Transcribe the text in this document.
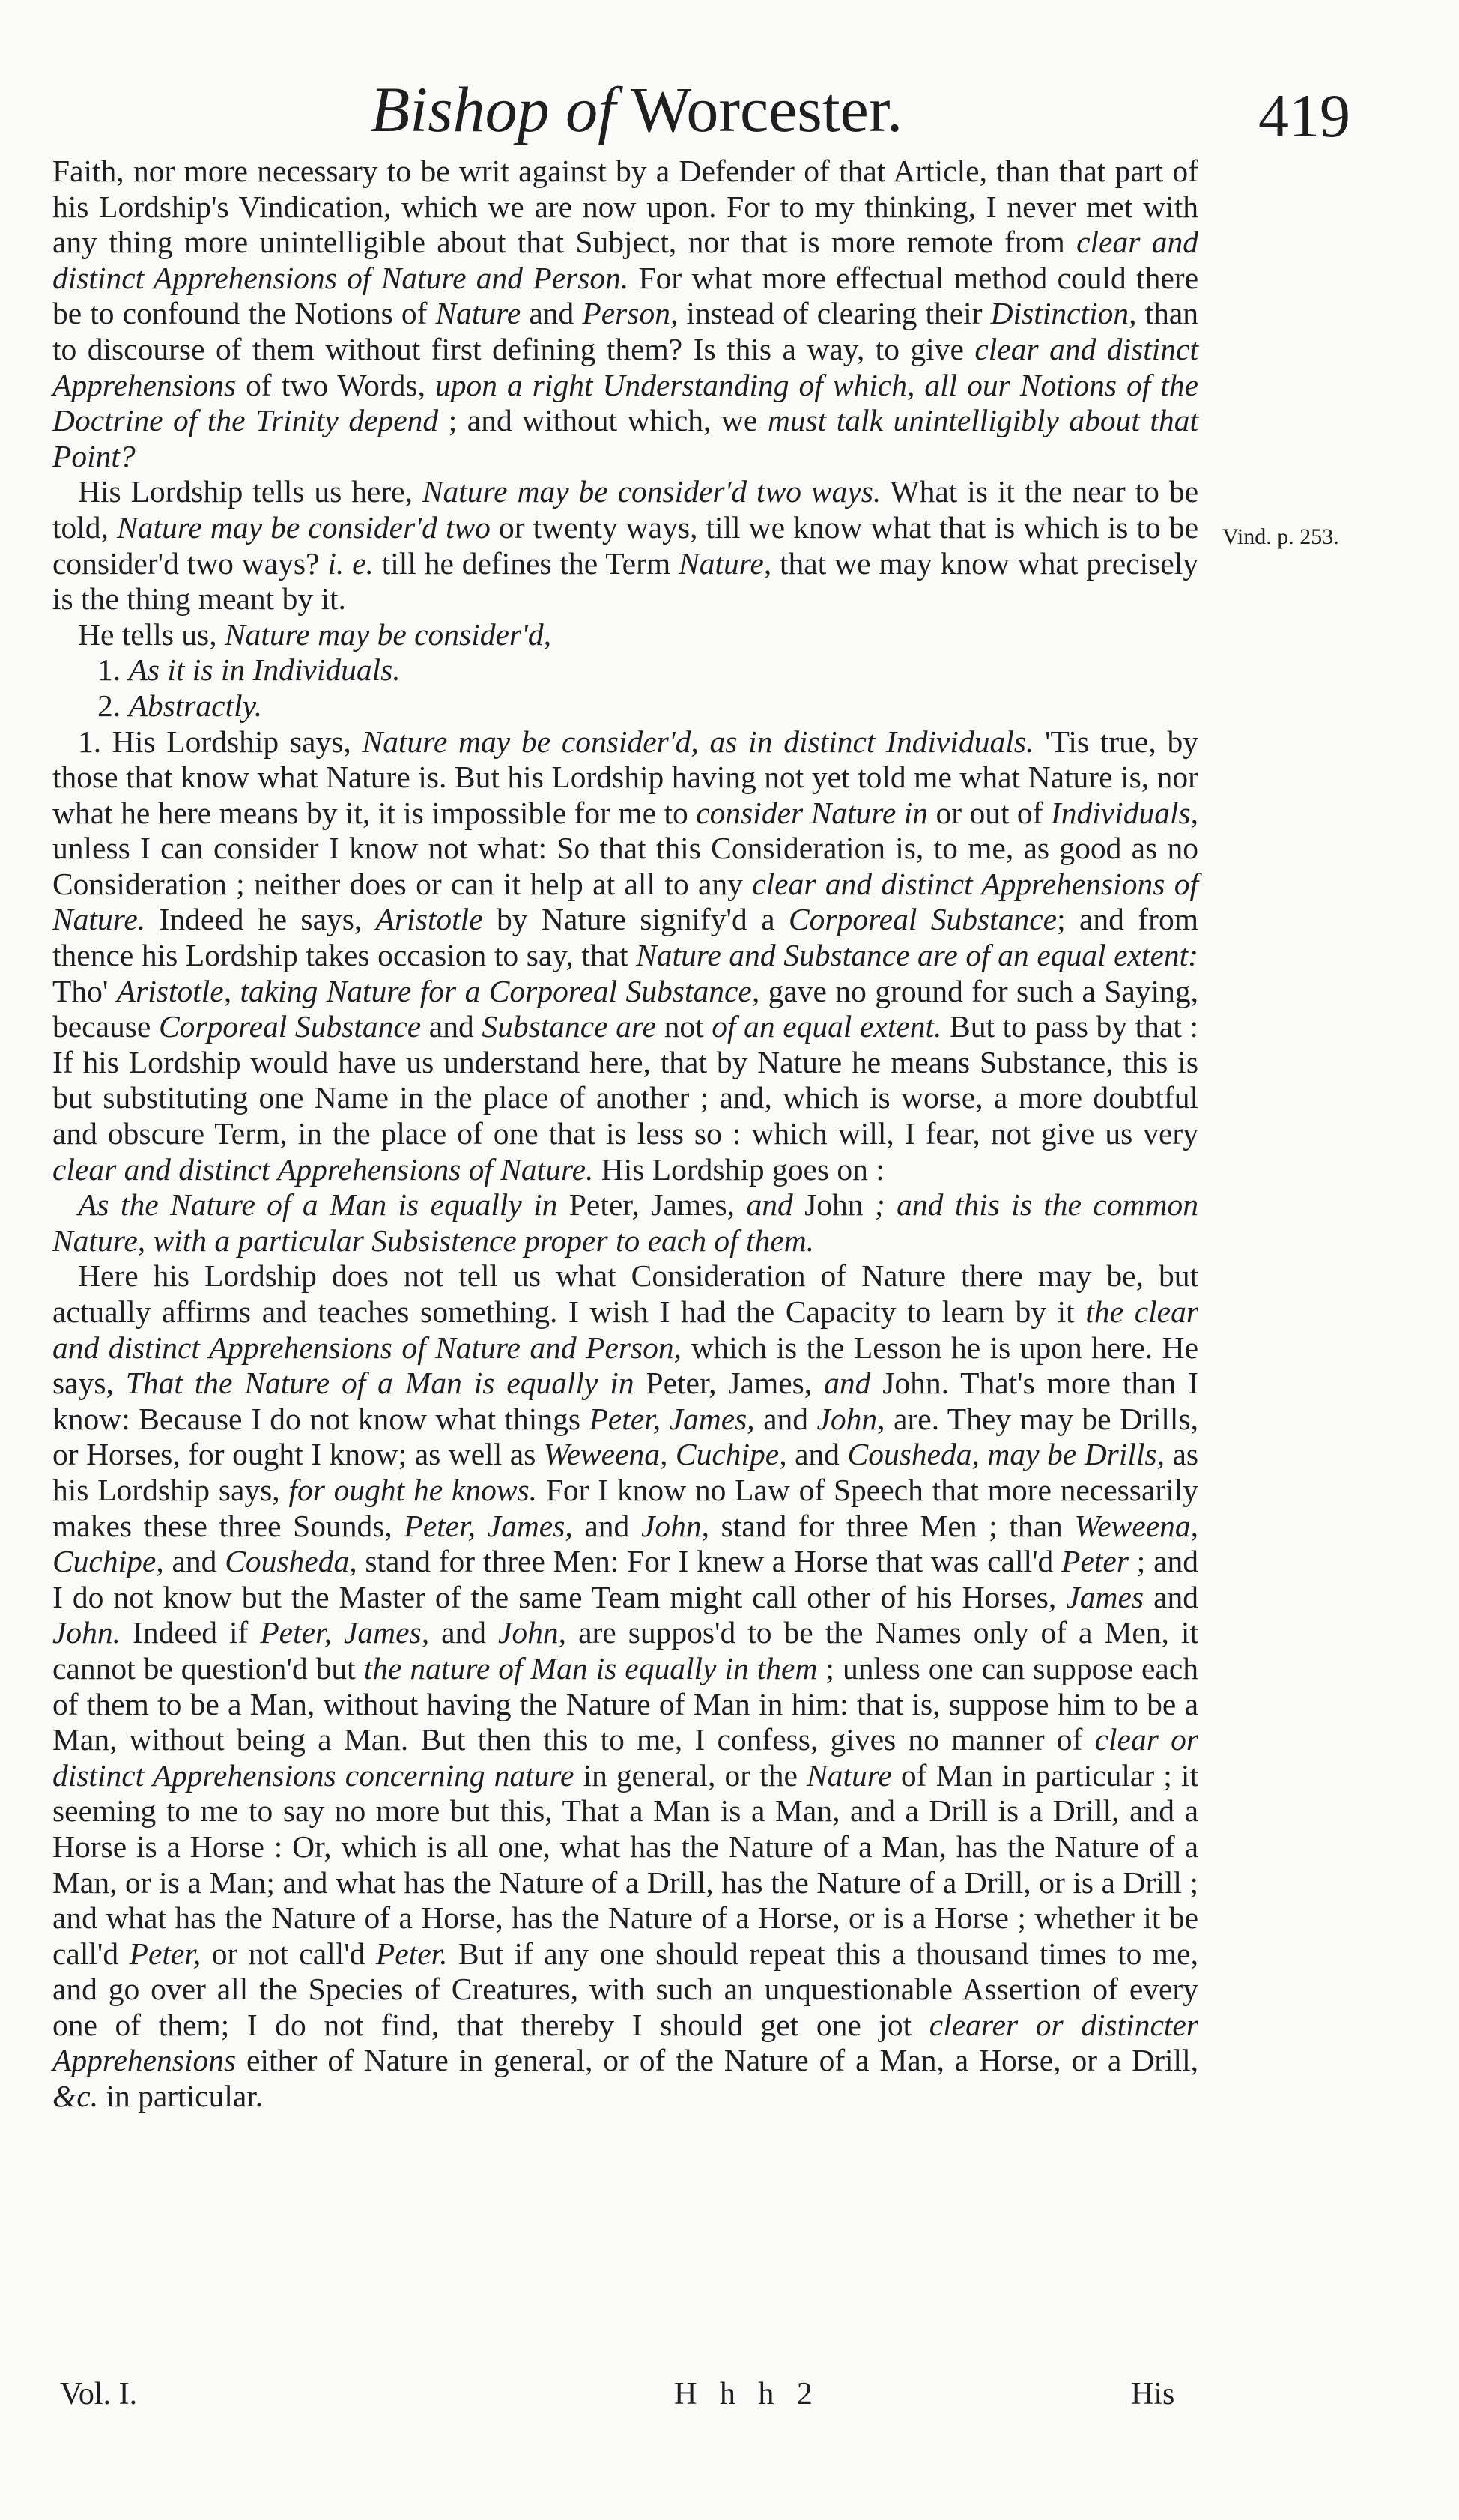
Bishop of Worcester.	419
Vind. p. 253.

Faith, nor more necessary to be writ against by a Defender of that Article, than that part of his Lordship's Vindication, which we are now upon. For to my thinking, I never met with any thing more unintelligible about that Subject, nor that is more remote from clear and distinct Apprehensions of Nature and Person. For what more effectual method could there be to confound the Notions of Nature and Person, instead of clearing their Distinction, than to discourse of them without first defining them? Is this a way, to give clear and distinct Apprehensions of two Words, upon a right Understanding of which, all our Notions of the Doctrine of the Trinity depend ; and without which, we must talk unintelligibly about that Point?

His Lordship tells us here, Nature may be consider'd two ways. What is it the near to be told, Nature may be consider'd two or twenty ways, till we know what that is which is to be consider'd two ways? i. e. till he defines the Term Nature, that we may know what precisely is the thing meant by it.

He tells us, Nature may be consider'd,

1. As it is in Individuals.

2. Abstractly.

1. His Lordship says, Nature may be consider'd, as in distinct Individuals. 'Tis true, by those that know what Nature is. But his Lordship having not yet told me what Nature is, nor what he here means by it, it is impossible for me to consider Nature in or out of Individuals, unless I can consider I know not what: So that this Consideration is, to me, as good as no Consideration ; neither does or can it help at all to any clear and distinct Apprehensions of Nature. Indeed he says, Aristotle by Nature signify'd a Corporeal Substance; and from thence his Lordship takes occasion to say, that Nature and Substance are of an equal extent: Tho' Aristotle, taking Nature for a Corporeal Substance, gave no ground for such a Saying, because Corporeal Substance and Substance are not of an equal extent. But to pass by that : If his Lordship would have us understand here, that by Nature he means Substance, this is but substituting one Name in the place of another ; and, which is worse, a more doubtful and obscure Term, in the place of one that is less so : which will, I fear, not give us very clear and distinct Apprehensions of Nature. His Lordship goes on :

As the Nature of a Man is equally in Peter, James, and John ; and this is the common Nature, with a particular Subsistence proper to each of them.

Here his Lordship does not tell us what Consideration of Nature there may be, but actually affirms and teaches something. I wish I had the Capacity to learn by it the clear and distinct Apprehensions of Nature and Person, which is the Lesson he is upon here. He says, That the Nature of a Man is equally in Peter, James, and John. That's more than I know: Because I do not know what things Peter, James, and John, are. They may be Drills, or Horses, for ought I know; as well as Weweena, Cuchipe, and Cousheda, may be Drills, as his Lordship says, for ought he knows. For I know no Law of Speech that more necessarily makes these three Sounds, Peter, James, and John, stand for three Men ; than Weweena, Cuchipe, and Cousheda, stand for three Men: For I knew a Horse that was call'd Peter ; and I do not know but the Master of the same Team might call other of his Horses, James and John. Indeed if Peter, James, and John, are suppos'd to be the Names only of a Men, it cannot be question'd but the nature of Man is equally in them ; unless one can suppose each of them to be a Man, without having the Nature of Man in him: that is, suppose him to be a Man, without being a Man. But then this to me, I confess, gives no manner of clear or distinct Apprehensions concerning nature in general, or the Nature of Man in particular ; it seeming to me to say no more but this, That a Man is a Man, and a Drill is a Drill, and a Horse is a Horse : Or, which is all one, what has the Nature of a Man, has the Nature of a Man, or is a Man; and what has the Nature of a Drill, has the Nature of a Drill, or is a Drill ; and what has the Nature of a Horse, has the Nature of a Horse, or is a Horse ; whether it be call'd Peter, or not call'd Peter. But if any one should repeat this a thousand times to me, and go over all the Species of Creatures, with such an unquestionable Assertion of every one of them; I do not find, that thereby I should get one jot clearer or distincter Apprehensions either of Nature in general, or of the Nature of a Man, a Horse, or a Drill, &c. in particular.

Vol. I.	H h h 2	His
